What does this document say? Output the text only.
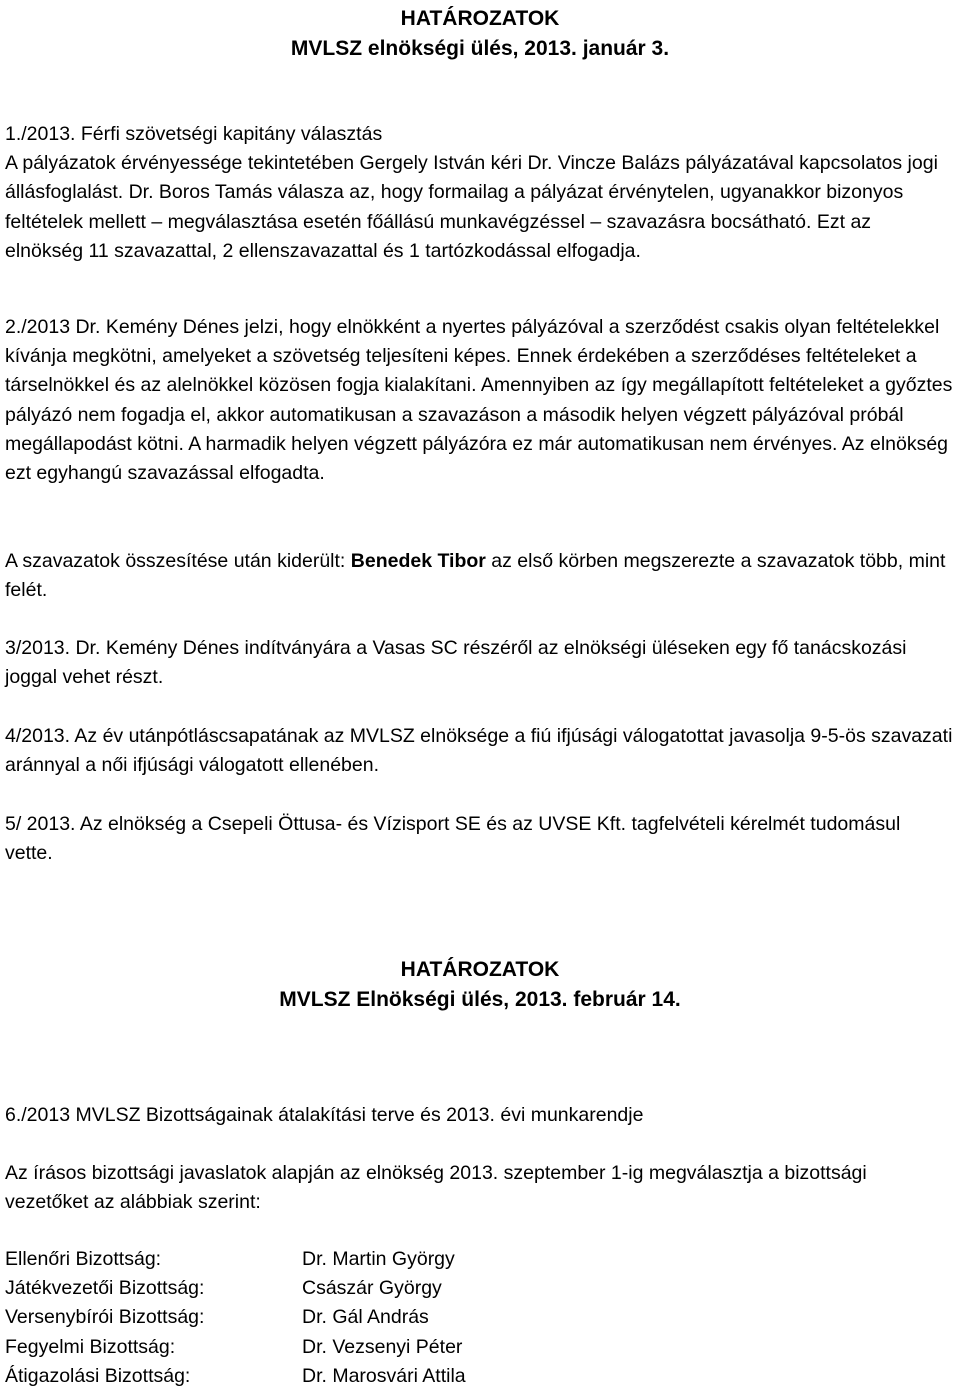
HATÁROZATOK
MVLSZ elnökségi ülés, 2013. január 3.

1./2013. Férfi szövetségi kapitány választás
A pályázatok érvényessége tekintetében Gergely István kéri Dr. Vincze Balázs pályázatával kapcsolatos jogi állásfoglalást. Dr. Boros Tamás válasza az, hogy formailag a pályázat érvénytelen, ugyanakkor bizonyos feltételek mellett – megválasztása esetén főállású munkavégzéssel – szavazásra bocsátható. Ezt az elnökség 11 szavazattal, 2 ellenszavazattal és 1 tartózkodással elfogadja.

2./2013 Dr. Kemény Dénes jelzi, hogy elnökként a nyertes pályázóval a szerződést csakis olyan feltételekkel kívánja megkötni, amelyeket a szövetség teljesíteni képes. Ennek érdekében a szerződéses feltételeket a társelnökkel és az alelnökkel közösen fogja kialakítani. Amennyiben az így megállapított feltételeket a győztes pályázó nem fogadja el, akkor automatikusan a szavazáson a második helyen végzett pályázóval próbál megállapodást kötni. A harmadik helyen végzett pályázóra ez már automatikusan nem érvényes. Az elnökség ezt egyhangú szavazással elfogadta.

A szavazatok összesítése után kiderült: Benedek Tibor az első körben megszerezte a szavazatok több, mint felét.

3/2013. Dr. Kemény Dénes indítványára a Vasas SC részéről az elnökségi üléseken egy fő tanácskozási joggal vehet részt.

4/2013. Az év utánpótláscsapatának az MVLSZ elnöksége a fiú ifjúsági válogatottat javasolja 9-5-ös szavazati aránnyal a női ifjúsági válogatott ellenében.

5/ 2013. Az elnökség a Csepeli Öttusa- és Vízisport SE és az UVSE Kft. tagfelvételi kérelmét tudomásul vette.

HATÁROZATOK
MVLSZ Elnökségi ülés, 2013. február 14.

6./2013 MVLSZ Bizottságainak átalakítási terve és 2013. évi munkarendje

Az írásos bizottsági javaslatok alapján az elnökség 2013. szeptember 1-ig megválasztja a bizottsági vezetőket az alábbiak szerint:

Ellenőri Bizottság:	Dr. Martin György
Játékvezetői Bizottság:	Császár György
Versenybírói Bizottság:	Dr. Gál András
Fegyelmi Bizottság:	Dr. Vezsenyi Péter
Átigazolási Bizottság:	Dr. Marosvári Attila
